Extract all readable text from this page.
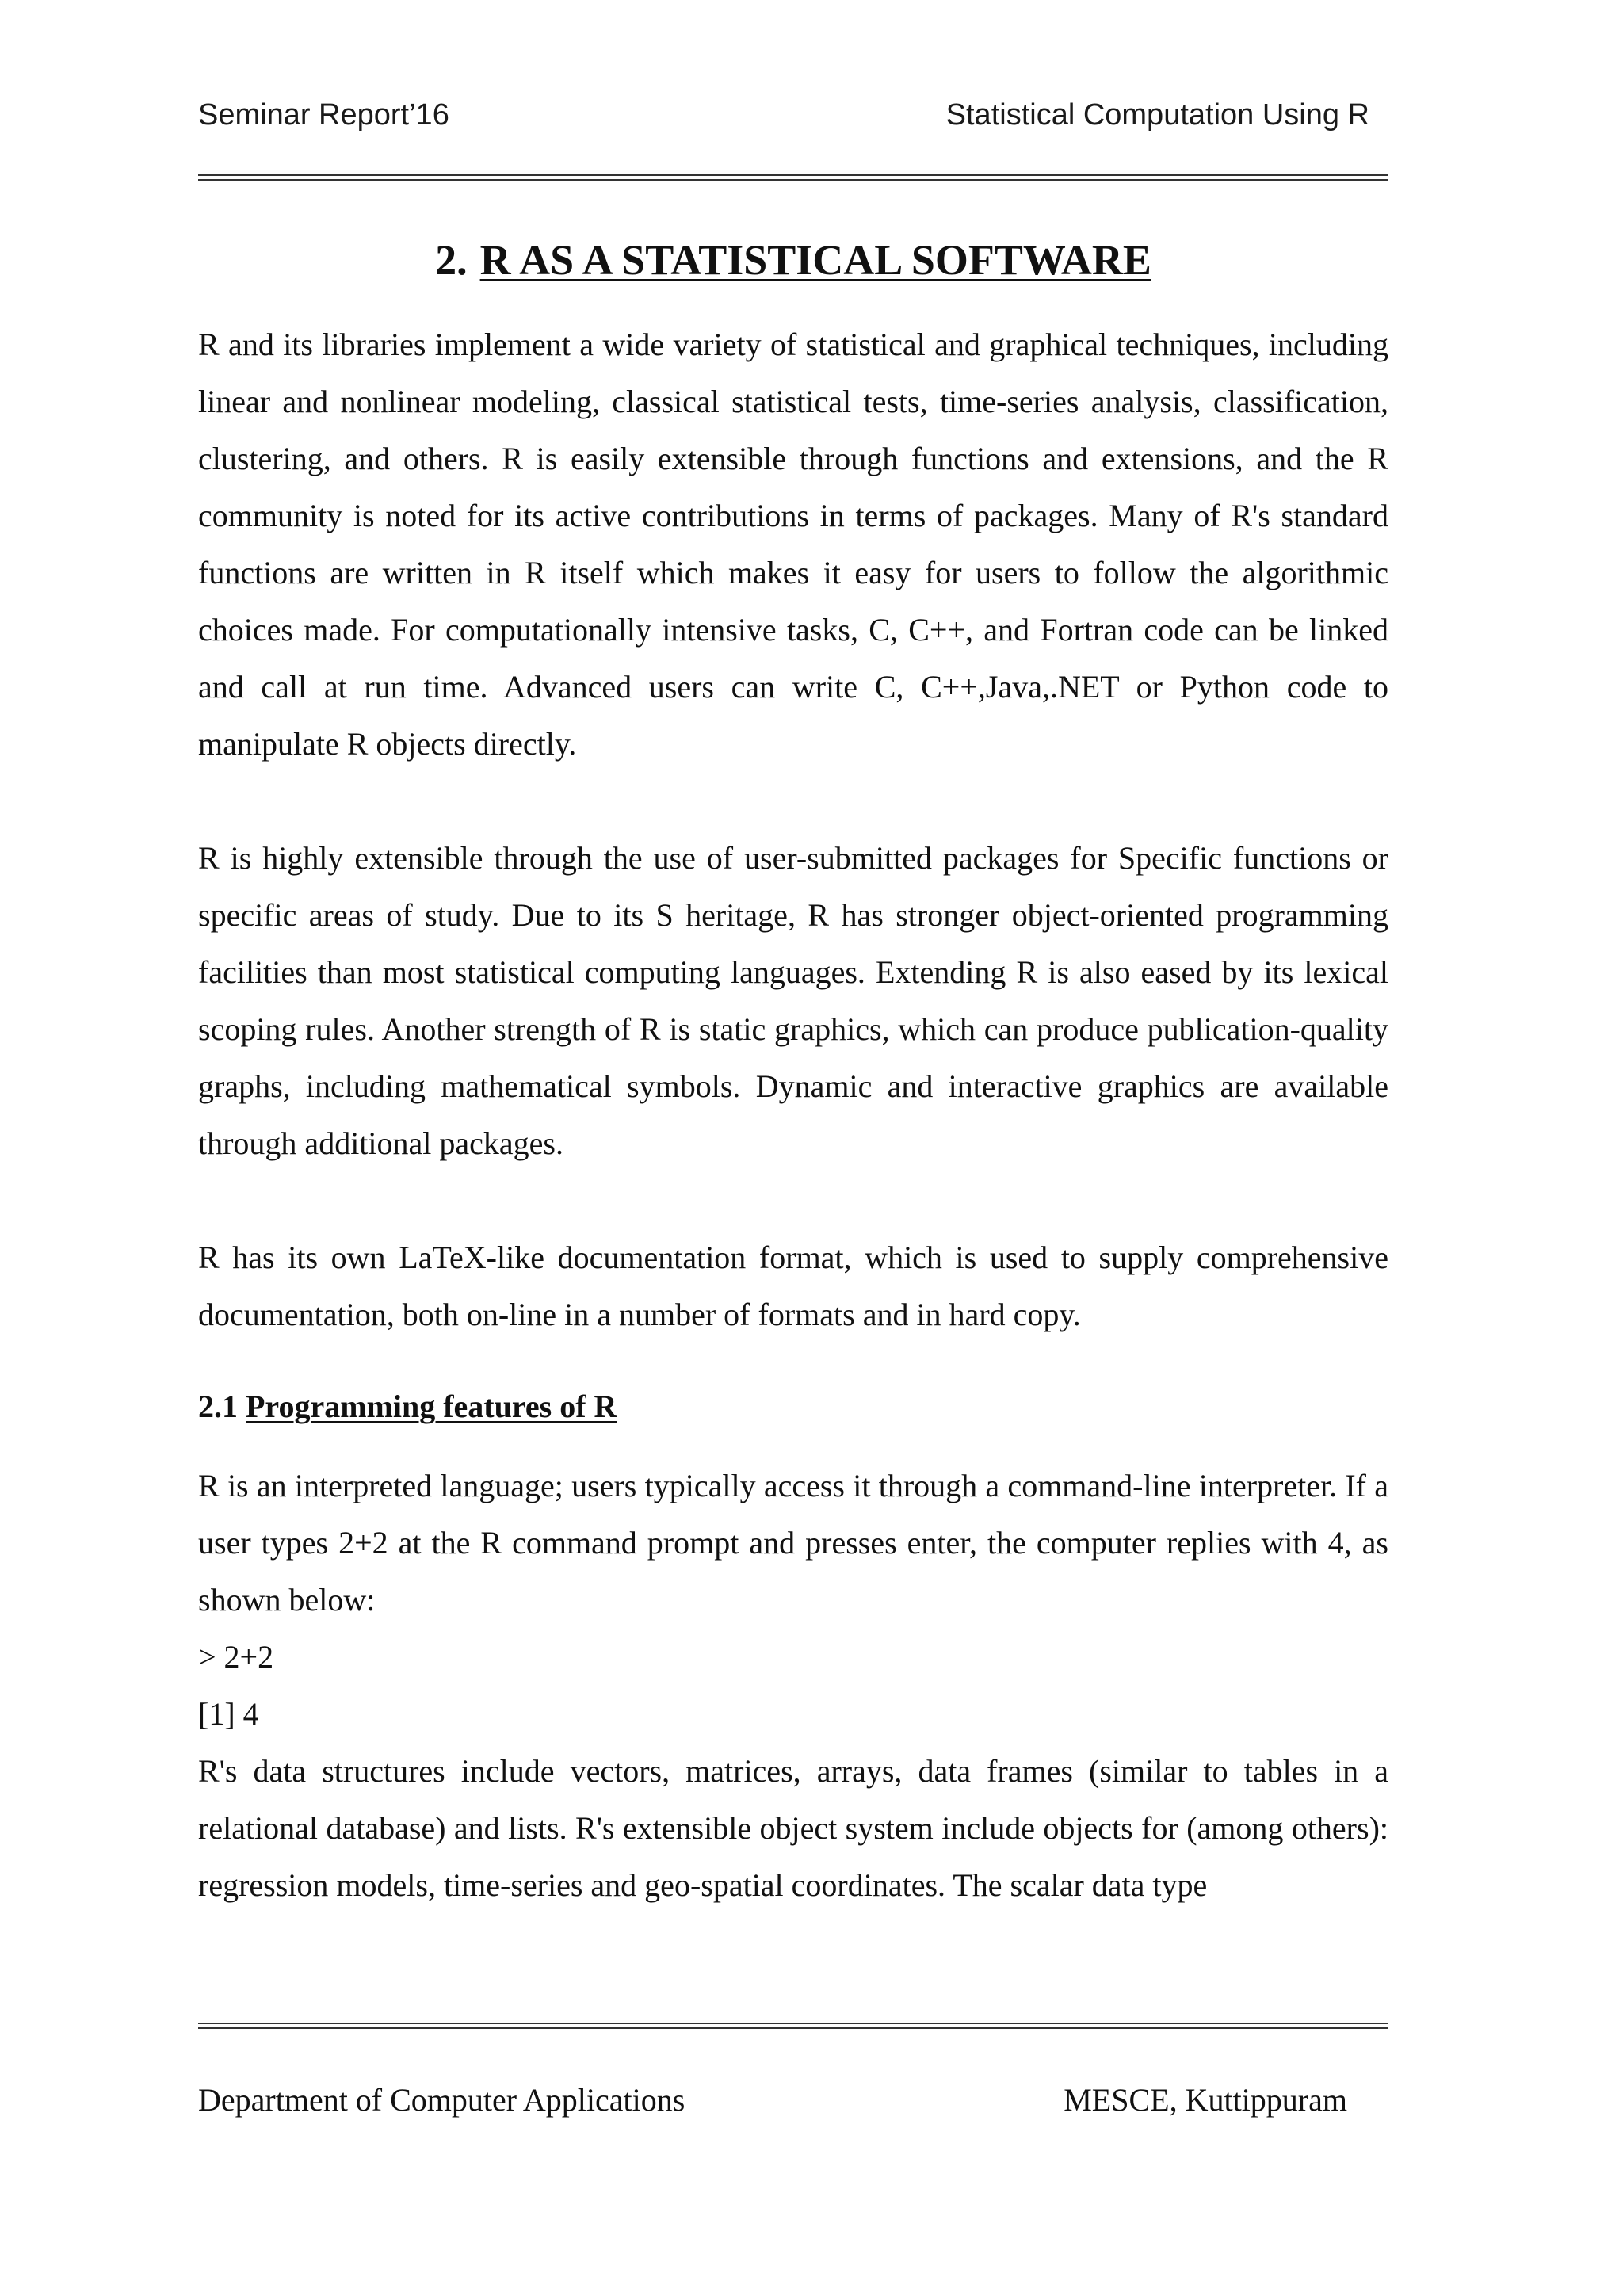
Seminar Report’16	Statistical Computation Using R
2. R AS A STATISTICAL SOFTWARE

R and its libraries implement a wide variety of statistical and graphical techniques, including linear and nonlinear modeling, classical statistical tests, time-series analysis, classification, clustering, and others. R is easily extensible through functions and extensions, and the R community is noted for its active contributions in terms of packages. Many of R's standard functions are written in R itself which makes it easy for users to follow the algorithmic choices made. For computationally intensive tasks, C, C++, and Fortran code can be linked and call at run time. Advanced users can write C, C++,Java,.NET or Python code to manipulate R objects directly.

R is highly extensible through the use of user-submitted packages for Specific functions or specific areas of study. Due to its S heritage, R has stronger object-oriented programming facilities than most statistical computing languages. Extending R is also eased by its lexical scoping rules. Another strength of R is static graphics, which can produce publication-quality graphs, including mathematical symbols. Dynamic and interactive graphics are available through additional packages.

R has its own LaTeX-like documentation format, which is used to supply comprehensive documentation, both on-line in a number of formats and in hard copy.

2.1 Programming features of R
R is an interpreted language; users typically access it through a command-line interpreter. If a user types 2+2 at the R command prompt and presses enter, the computer replies with 4, as shown below:
> 2+2
[1] 4

R's data structures include vectors, matrices, arrays, data frames (similar to tables in a relational database) and lists. R's extensible object system include objects for (among others): regression models, time-series and geo-spatial coordinates. The scalar data type

Department of Computer Applications	MESCE, Kuttippuram
